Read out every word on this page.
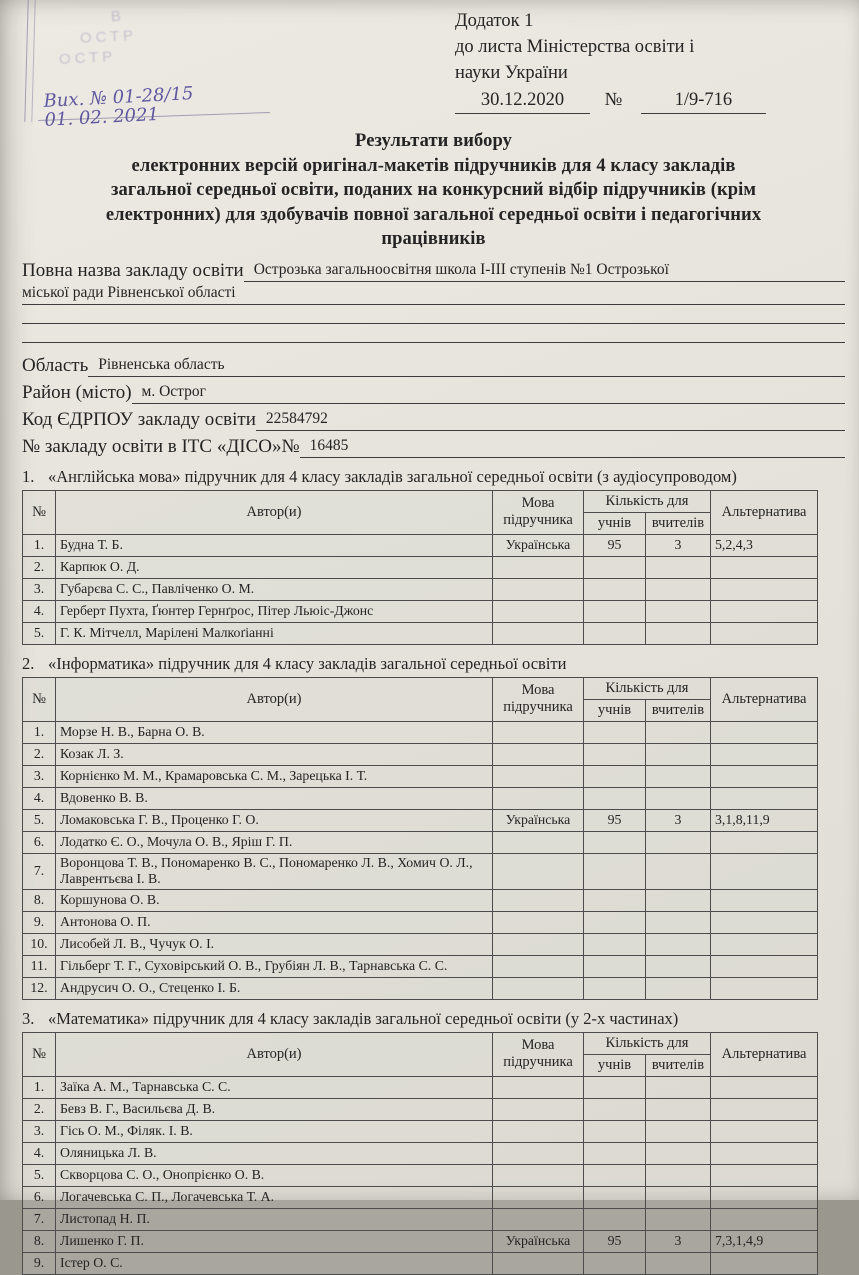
В
ОСТР
ОСТР
Вих. № 01-28/15
01. 02. 2021
Додаток 1
до листа Міністерства освіти і
науки України
30.12.2020 №	1/9-716
Результати вибору
електронних версій оригінал-макетів підручників для 4 класу закладів
загальної середньої освіти, поданих на конкурсний відбір підручників (крім
електронних) для здобувачів повної загальної середньої освіти і педагогічних
працівників
Повна назва закладу освіти Острозька загальноосвітня школа І-ІІІ ступенів №1 Острозької
міської ради Рівненської області
Область Рівненська область
Район (місто) м. Острог
Код ЄДРПОУ закладу освіти 22584792
№ закладу освіти в ІТС «ДІСО»№ 16485
1. «Англійська мова» підручник для 4 класу закладів загальної середньої освіти (з аудіосупроводом)
№	Автор(и)	Мова підручника	Кількість для		Альтернатива
			учнів	вчителів	
1.	Будна Т. Б.	Українська	95	3	5,2,4,3
2.	Карпюк О. Д.				
3.	Губарєва С. С., Павліченко О. М.				
4.	Герберт Пухта, Ґюнтер Гернґрос, Пітер Льюіс-Джонс				
5.	Г. К. Мітчелл, Марілені Малкоґіанні				
2. «Інформатика» підручник для 4 класу закладів загальної середньої освіти
№	Автор(и)	Мова підручника	Кількість для		Альтернатива
			учнів	вчителів	
1.	Морзе Н. В., Барна О. В.				
2.	Козак Л. З.				
3.	Корнієнко М. М., Крамаровська С. М., Зарецька І. Т.				
4.	Вдовенко В. В.				
5.	Ломаковська Г. В., Проценко Г. О.	Українська	95	3	3,1,8,11,9
6.	Лодатко Є. О., Мочула О. В., Яріш Г. П.				
7.	Воронцова Т. В., Пономаренко В. С., Пономаренко Л. В., Хомич О. Л., Лаврентьєва І. В.				
8.	Коршунова О. В.				
9.	Антонова О. П.				
10.	Лисобей Л. В., Чучук О. І.				
11.	Гільберг Т. Г., Суховірський О. В., Грубіян Л. В., Тарнавська С. С.				
12.	Андрусич О. О., Стеценко І. Б.				
3. «Математика» підручник для 4 класу закладів загальної середньої освіти (у 2-х частинах)
№	Автор(и)	Мова підручника	Кількість для		Альтернатива
			учнів	вчителів	
1.	Заїка А. М., Тарнавська С. С.				
2.	Бевз В. Г., Васильєва Д. В.				
3.	Гісь О. М., Філяк. І. В.				
4.	Оляницька Л. В.				
5.	Скворцова С. О., Онопрієнко О. В.				
6.	Логачевська С. П., Логачевська Т. А.				
7.	Листопад Н. П.				
8.	Лишенко Г. П.	Українська	95	3	7,3,1,4,9
9.	Істер О. С.				
